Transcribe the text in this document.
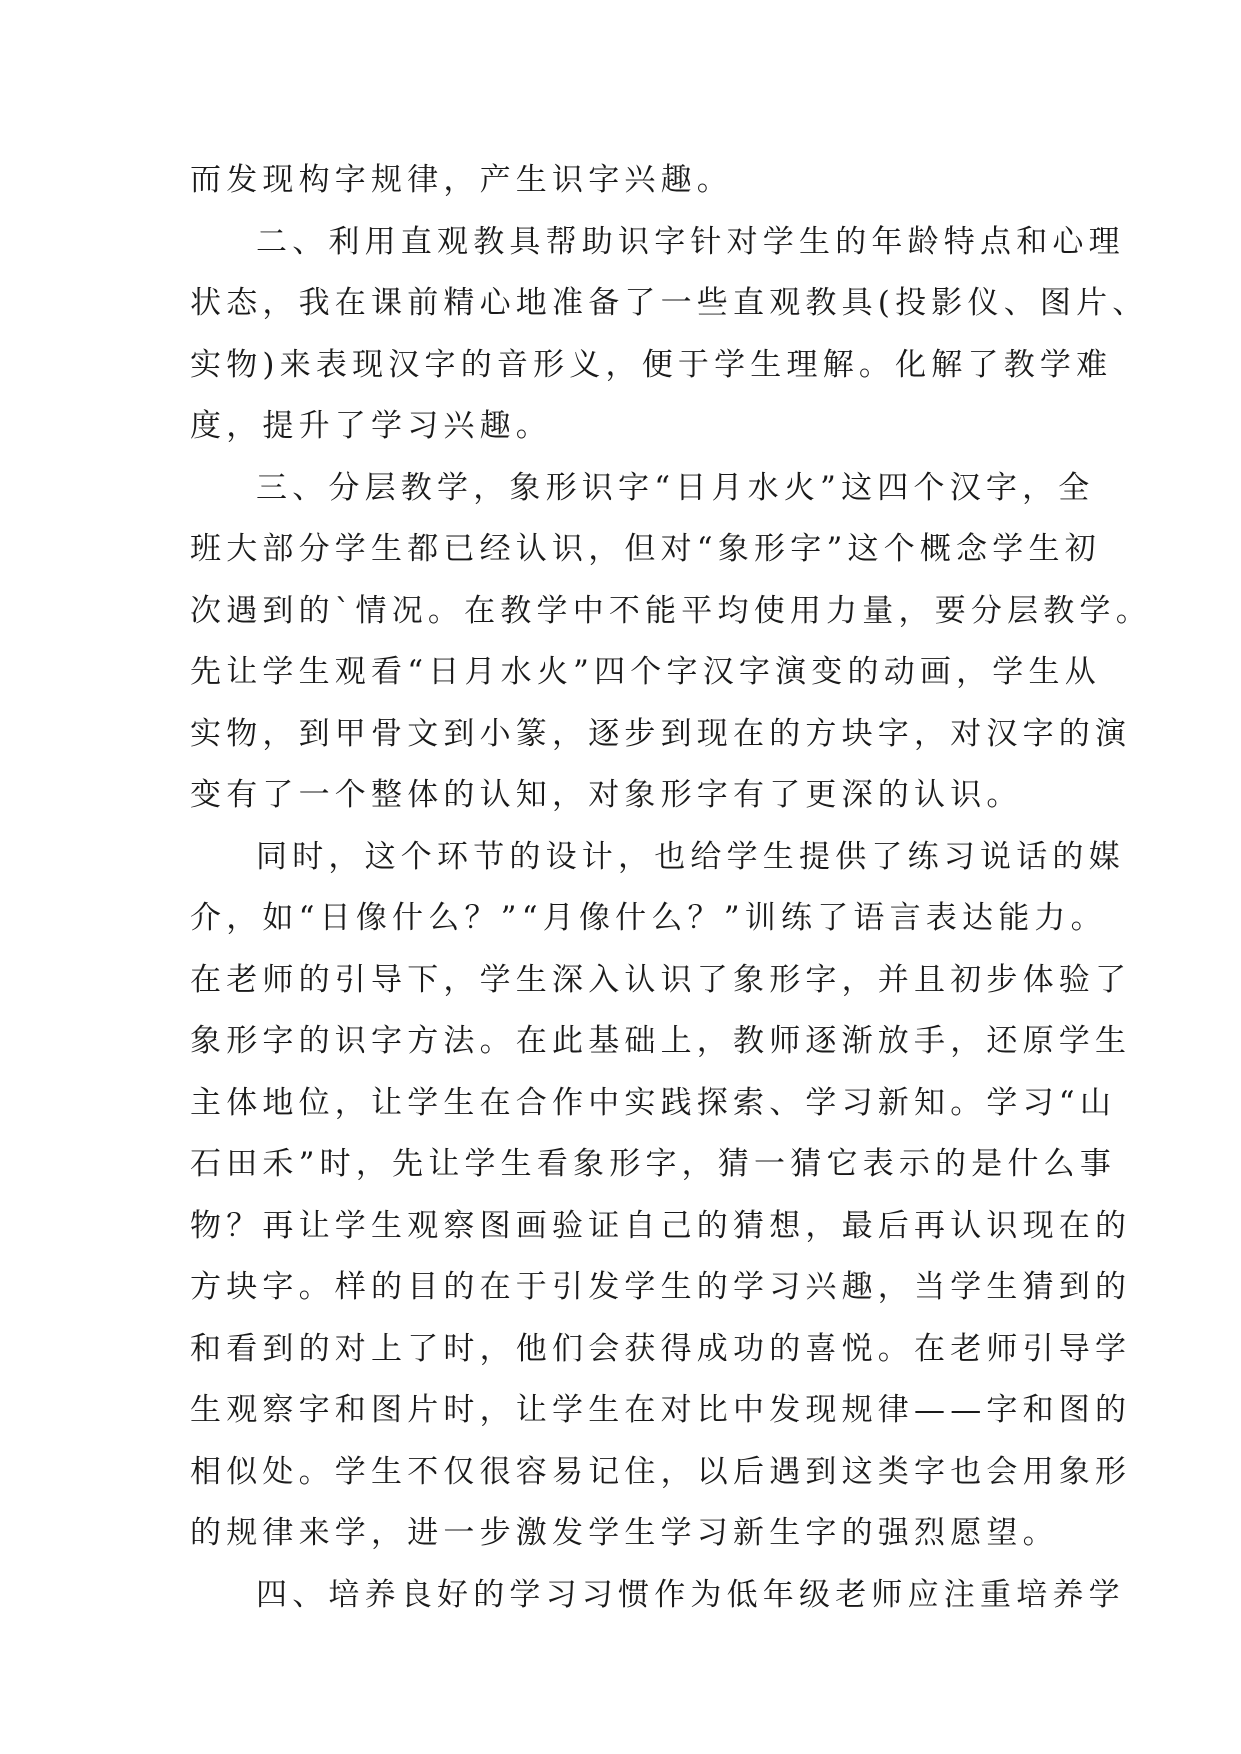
而发现构字规律，产生识字兴趣。
二、利用直观教具帮助识字针对学生的年龄特点和心理
状态，我在课前精心地准备了一些直观教具(投影仪、图片、
实物)来表现汉字的音形义，便于学生理解。化解了教学难
度，提升了学习兴趣。
三、分层教学，象形识字“日月水火”这四个汉字，全
班大部分学生都已经认识，但对“象形字”这个概念学生初
次遇到的`情况。在教学中不能平均使用力量，要分层教学。
先让学生观看“日月水火”四个字汉字演变的动画，学生从
实物，到甲骨文到小篆，逐步到现在的方块字，对汉字的演
变有了一个整体的认知，对象形字有了更深的认识。
同时，这个环节的设计，也给学生提供了练习说话的媒
介，如“日像什么？”“月像什么？”训练了语言表达能力。
在老师的引导下，学生深入认识了象形字，并且初步体验了
象形字的识字方法。在此基础上，教师逐渐放手，还原学生
主体地位，让学生在合作中实践探索、学习新知。学习“山
石田禾”时，先让学生看象形字，猜一猜它表示的是什么事
物？再让学生观察图画验证自己的猜想，最后再认识现在的
方块字。样的目的在于引发学生的学习兴趣，当学生猜到的
和看到的对上了时，他们会获得成功的喜悦。在老师引导学
生观察字和图片时，让学生在对比中发现规律——字和图的
相似处。学生不仅很容易记住，以后遇到这类字也会用象形
的规律来学，进一步激发学生学习新生字的强烈愿望。
四、培养良好的学习习惯作为低年级老师应注重培养学
